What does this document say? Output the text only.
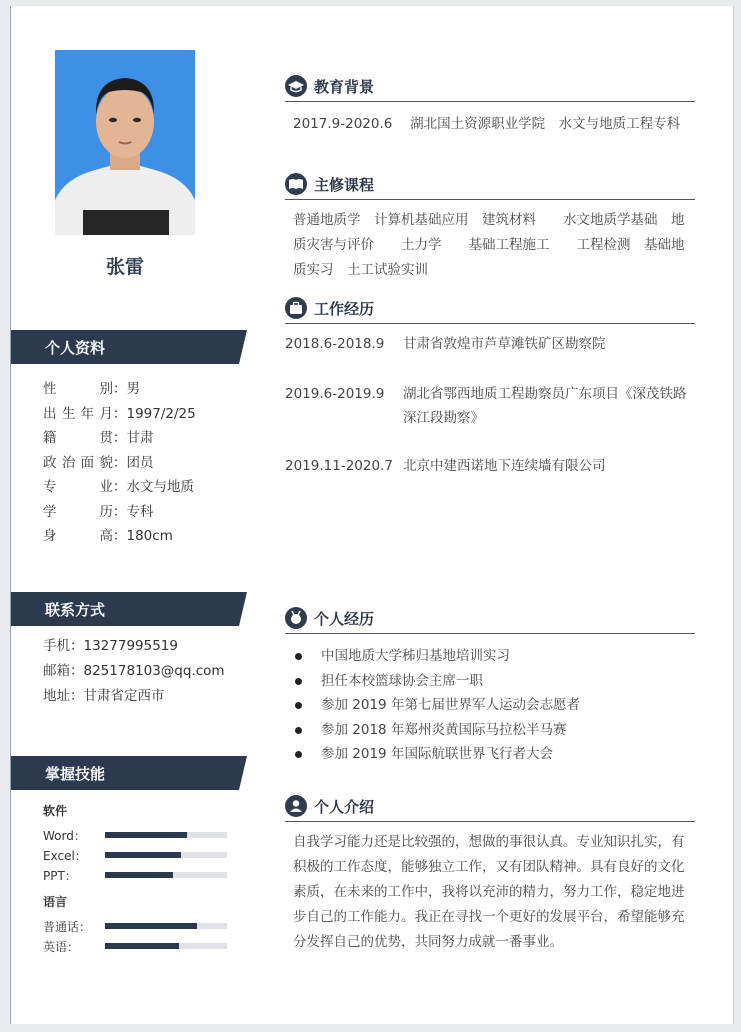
张雷
个人资料
性别 ： 男
出生年月 ： 1997/2/25
籍贯 ： 甘肃
政治面貌 ： 团员
专业 ： 水文与地质
学历 ： 专科
身高 ： 180cm
联系方式
手机：13277995519
邮箱：825178103@qq.com
地址：甘肃省定西市
掌握技能
软件
Word：
Excel：
PPT：
语言
普通话：
英语：
教育背景
2017.9-2020.6 　湖北国土资源职业学院　水文与地质工程专科
主修课程
普通地质学　计算机基础应用　建筑材料　　水文地质学基础　地质灾害与评价　　土力学　　基础工程施工　　工程检测　基础地质实习　土工试验实训
工作经历
2018.6-2018.9	甘肃省敦煌市芦草滩铁矿区勘察院
2019.6-2019.9	湖北省鄂西地质工程勘察员广东项目《深茂铁路深江段勘察》
2019.11-2020.7 北京中建西诺地下连续墙有限公司
个人经历
中国地质大学秭归基地培训实习
担任本校篮球协会主席一职
参加 2019 年第七届世界军人运动会志愿者
参加 2018 年郑州炎黄国际马拉松半马赛
参加 2019 年国际航联世界飞行者大会
个人介绍
自我学习能力还是比较强的，想做的事很认真。专业知识扎实，有积极的工作态度，能够独立工作，又有团队精神。具有良好的文化素质，在未来的工作中，我将以充沛的精力，努力工作，稳定地进步自己的工作能力。我正在寻找一个更好的发展平台，希望能够充分发挥自己的优势，共同努力成就一番事业。
